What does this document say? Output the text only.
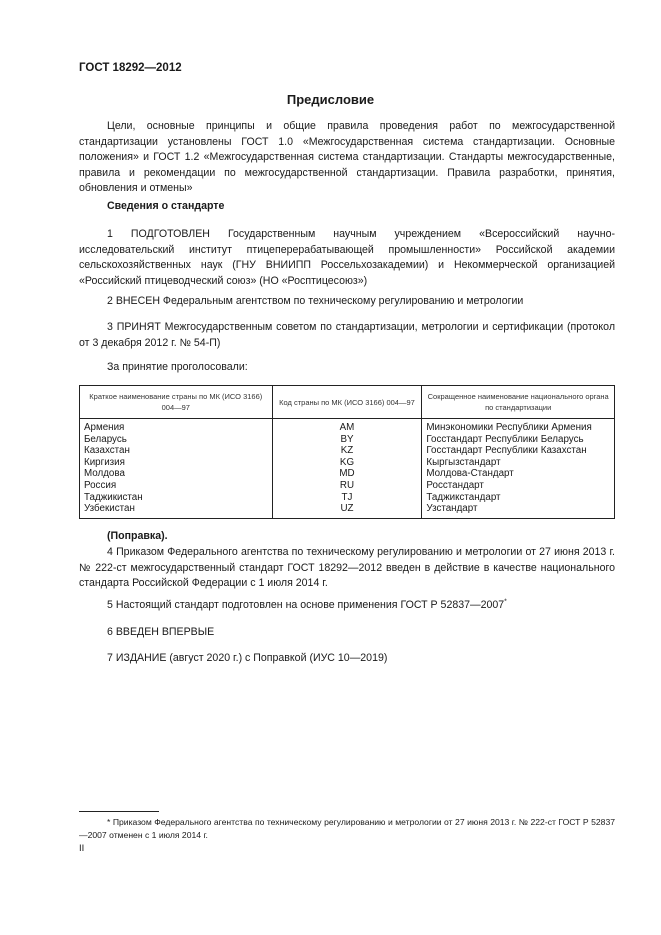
ГОСТ 18292—2012
Предисловие
Цели, основные принципы и общие правила проведения работ по межгосударственной стандартизации установлены ГОСТ 1.0 «Межгосударственная система стандартизации. Основные положения» и ГОСТ 1.2 «Межгосударственная система стандартизации. Стандарты межгосударственные, правила и рекомендации по межгосударственной стандартизации. Правила разработки, принятия, обновления и отмены»
Сведения о стандарте
1 ПОДГОТОВЛЕН Государственным научным учреждением «Всероссийский научно-исследовательский институт птицеперерабатывающей промышленности» Российской академии сельскохозяйственных наук (ГНУ ВНИИПП Россельхозакадемии) и Некоммерческой организацией «Российский птицеводческий союз» (НО «Росптицесоюз»)
2 ВНЕСЕН Федеральным агентством по техническому регулированию и метрологии
3 ПРИНЯТ Межгосударственным советом по стандартизации, метрологии и сертификации (протокол от 3 декабря 2012 г. № 54-П)
За принятие проголосовали:
Краткое наименование страны по МК (ИСО 3166) 004—97	Код страны по МК (ИСО 3166) 004—97	Сокращенное наименование национального органа по стандартизации
Армения	AM	Минэкономики Республики Армения
Беларусь	BY	Госстандарт Республики Беларусь
Казахстан	KZ	Госстандарт Республики Казахстан
Киргизия	KG	Кыргызстандарт
Молдова	MD	Молдова-Стандарт
Россия	RU	Росстандарт
Таджикистан	TJ	Таджикстандарт
Узбекистан	UZ	Узстандарт
(Поправка).
4 Приказом Федерального агентства по техническому регулированию и метрологии от 27 июня 2013 г. № 222-ст межгосударственный стандарт ГОСТ 18292—2012 введен в действие в качестве национального стандарта Российской Федерации с 1 июля 2014 г.
5 Настоящий стандарт подготовлен на основе применения ГОСТ Р 52837—2007*
6 ВВЕДЕН ВПЕРВЫЕ
7 ИЗДАНИЕ (август 2020 г.) с Поправкой (ИУС 10—2019)
* Приказом Федерального агентства по техническому регулированию и метрологии от 27 июня 2013 г. № 222-ст ГОСТ Р 52837—2007 отменен с 1 июля 2014 г.
II
